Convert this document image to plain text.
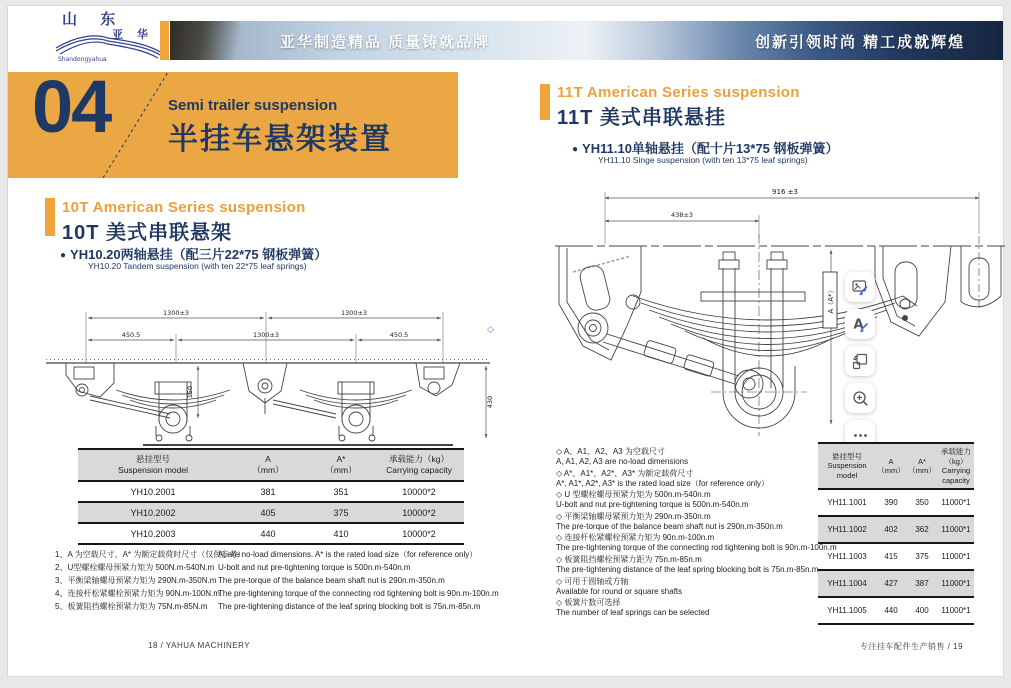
山 东
亚 华
Shandongyahua
亚华制造精品 质量铸就品牌	创新引领时尚 精工成就辉煌
04	Semi trailer suspension
半挂车悬架装置
10T American Series suspension
10T 美式串联悬架
● YH10.20两轴悬挂（配三片22*75 钢板弹簧）
YH10.20 Tandem suspension (with ten 22*75 leaf springs)
1300±3	1300±3
450.5	1300±3	450.5
150
430
悬挂型号
Suspension model

A
（mm）

A*
（mm）

承载能力（kg）
Carrying capacity

YH10.2001	381	351	10000*2
YH10.2002	405	375	10000*2
YH10.2003	440	410	10000*2
1、A 为空载尺寸，A* 为额定载荷时尺寸（仅供参考）
2、U型螺栓螺母预紧力矩为 500N.m-540N.m
3、平衡梁轴螺母预紧力矩为 290N.m-350N.m
4、连接杆松紧螺栓预紧力矩为 90N.m-100N.m
5、板簧阻挡螺栓预紧力矩为 75N.m-85N.m
A, are no-load dimensions. A* is the rated load size（for reference only）
U-bolt and nut pre-tightening torque is 500n.m-540n.m
The pre-torque of the balance beam shaft nut is 290n.m-350n.m
The pre-tightening torque of the connecting rod tightening bolt is 90n.m-100n.m
The pre-tightening distance of the leaf spring blocking bolt is 75n.m-85n.m
11T American Series suspension
11T 美式串联悬挂
● YH11.10单轴悬挂（配十片13*75 钢板弹簧）
YH11.10 Singe suspension (with ten 13*75 leaf springs)
916 ±3
438±3
A（A*）
A
◇ A、A1、A2、A3 为空载尺寸
A, A1, A2, A3 are no-load dimensions
◇ A*、A1*、A2*、A3* 为额定载荷尺寸
A*, A1*, A2*, A3* is the rated load size（for reference only）
◇ U 型螺栓螺母预紧力矩为 500n.m-540n.m
U-bolt and nut pre-tightening torque is 500n.m-540n.m
◇ 平衡梁轴螺母紧预力矩为 290n.m-350n.m
The pre-torque of the balance beam shaft nut is 290n.m-350n.m
◇ 连接杆松紧螺栓预紧力矩为 90n.m-100n.m
The pre-tightening torque of the connecting rod tightening bolt is 90n.m-100n.m
◇ 板簧阻挡螺栓预紧力距为 75n.m-85n.m
The pre-tightening distance of the leaf spring blocking bolt is 75n.m-85n.m
◇ 可用于圆轴或方轴
Available for round or square shafts
◇ 板簧片数可选择
The number of leaf springs can be selected
悬挂型号
Suspension
model

A
（mm）

A*
（mm）

承载能力
（kg）
Carrying
capacity

YH11.1001	390	350	11000*1
YH11.1002	402	362	11000*1
YH11.1003	415	375	11000*1
YH11.1004	427	387	11000*1
YH11.1005	440	400	11000*1
18 / YAHUA MACHINERY	专注挂车配件生产销售 / 19
◇
